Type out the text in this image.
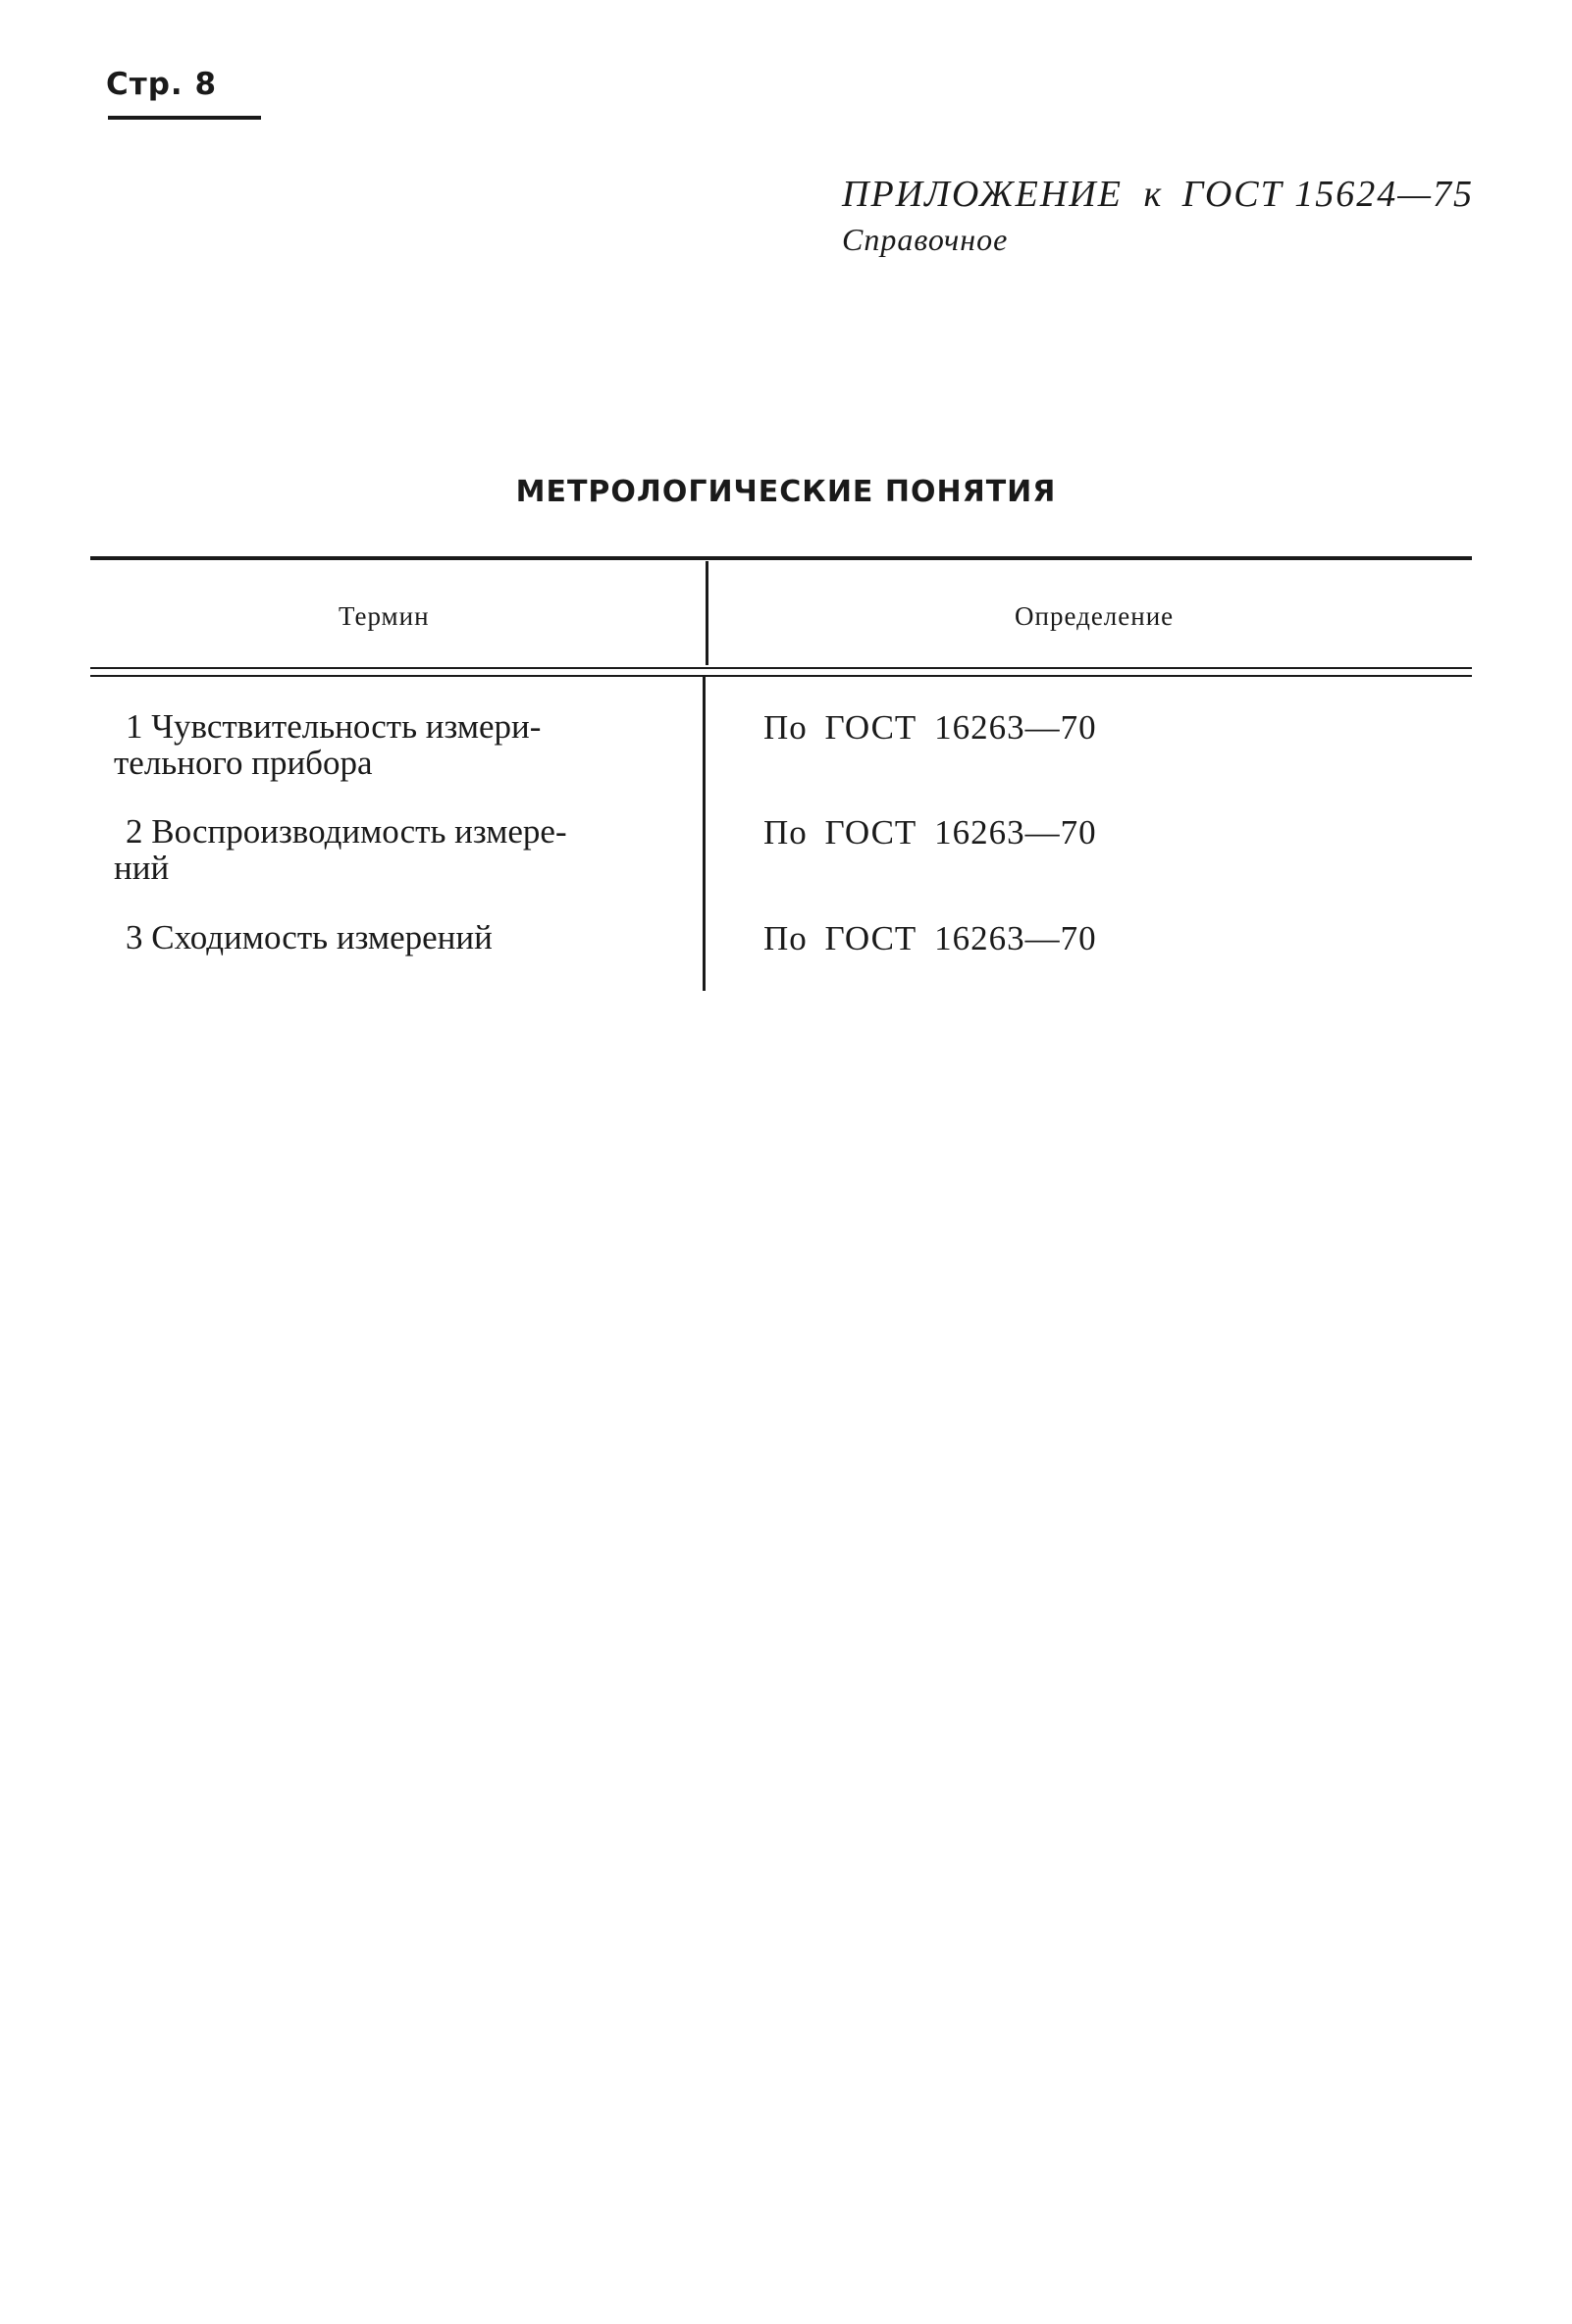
Стр. 8
ПРИЛОЖЕНИЕ к ГОСТ 15624—75
Справочное
МЕТРОЛОГИЧЕСКИЕ ПОНЯТИЯ
Термин	Определение
1 Чувствительность измери-
тельного прибора
По ГОСТ 16263—70
2 Воспроизводимость измере-
ний
По ГОСТ 16263—70
3 Сходимость измерений	По ГОСТ 16263—70
